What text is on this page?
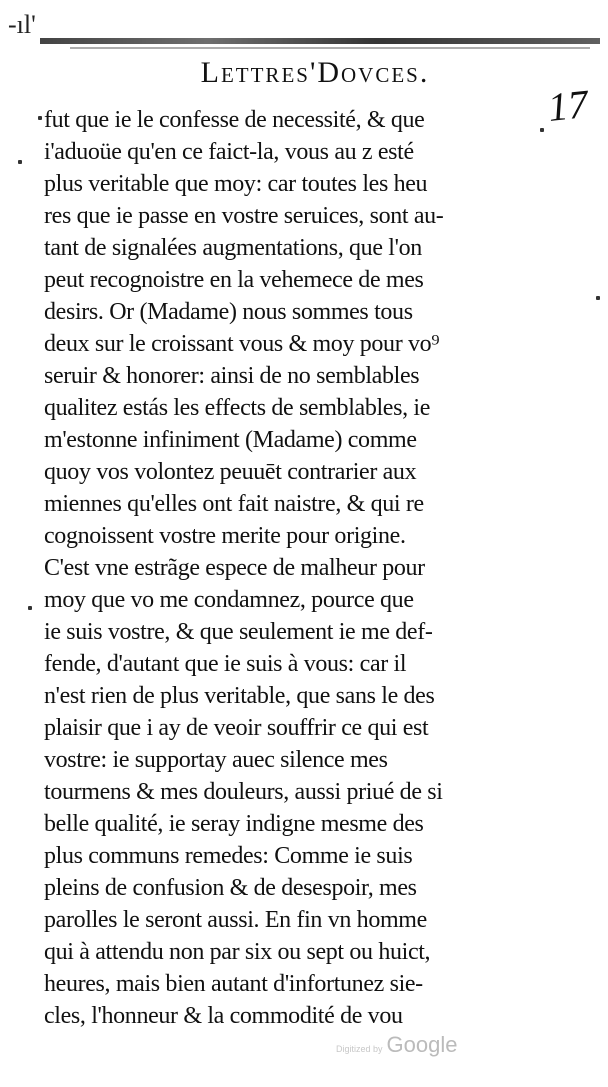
-ıl'
Lettres'Dovces.
17
fut que ie le confesse de necessité, & que
i'aduoüe qu'en ce faict-la, vous au z esté
plus veritable que moy: car toutes les heu
res que ie passe en vostre seruices, sont au-
tant de signalées augmentations, que l'on
peut recognoistre en la vehemece de mes
desirs. Or (Madame) nous sommes tous
deux sur le croissant vous & moy pour vo⁹
seruir & honorer: ainsi de no semblables
qualitez estás les effects de semblables, ie
m'estonne infiniment (Madame) comme
quoy vos volontez peuuēt contrarier aux
miennes qu'elles ont fait naistre, & qui re
cognoissent vostre merite pour origine.
C'est vne estrãge espece de malheur pour
moy que vo me condamnez, pource que
ie suis vostre, & que seulement ie me def-
fende, d'autant que ie suis à vous: car il
n'est rien de plus veritable, que sans le des
plaisir que i ay de veoir souffrir ce qui est
vostre: ie supportay auec silence mes
tourmens & mes douleurs, aussi priué de si
belle qualité, ie seray indigne mesme des
plus communs remedes: Comme ie suis
pleins de confusion & de desespoir, mes
parolles le seront aussi. En fin vn homme
qui à attendu non par six ou sept ou huict,
heures, mais bien autant d'infortunez sie-
cles, l'honneur & la commodité de vou
Digitized by Google
